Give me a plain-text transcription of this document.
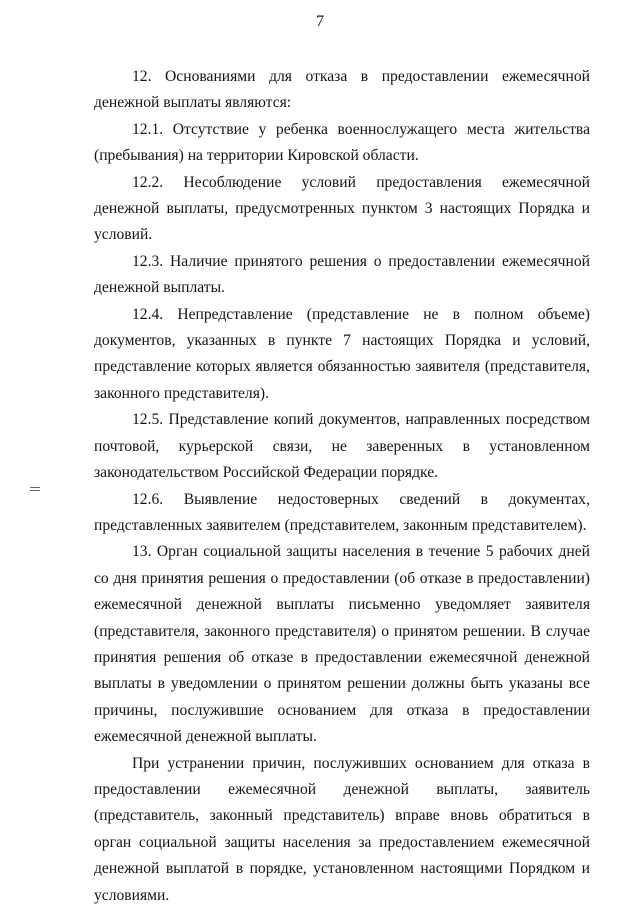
7

12. Основаниями для отказа в предоставлении ежемесячной денежной выплаты являются:

12.1. Отсутствие у ребенка военнослужащего места жительства (пребывания) на территории Кировской области.

12.2. Несоблюдение условий предоставления ежемесячной денежной выплаты, предусмотренных пунктом 3 настоящих Порядка и условий.

12.3. Наличие принятого решения о предоставлении ежемесячной денежной выплаты.

12.4. Непредставление (представление не в полном объеме) документов, указанных в пункте 7 настоящих Порядка и условий, представление которых является обязанностью заявителя (представителя, законного представителя).

12.5. Представление копий документов, направленных посредством почтовой, курьерской связи, не заверенных в установленном законодательством Российской Федерации порядке.

12.6. Выявление недостоверных сведений в документах, представленных заявителем (представителем, законным представителем).

13. Орган социальной защиты населения в течение 5 рабочих дней со дня принятия решения о предоставлении (об отказе в предоставлении) ежемесячной денежной выплаты письменно уведомляет заявителя (представителя, законного представителя) о принятом решении. В случае принятия решения об отказе в предоставлении ежемесячной денежной выплаты в уведомлении о принятом решении должны быть указаны все причины, послужившие основанием для отказа в предоставлении ежемесячной денежной выплаты.

При устранении причин, послуживших основанием для отказа в предоставлении ежемесячной денежной выплаты, заявитель (представитель, законный представитель) вправе вновь обратиться в орган социальной защиты населения за предоставлением ежемесячной денежной выплатой в порядке, установленном настоящими Порядком и условиями.
